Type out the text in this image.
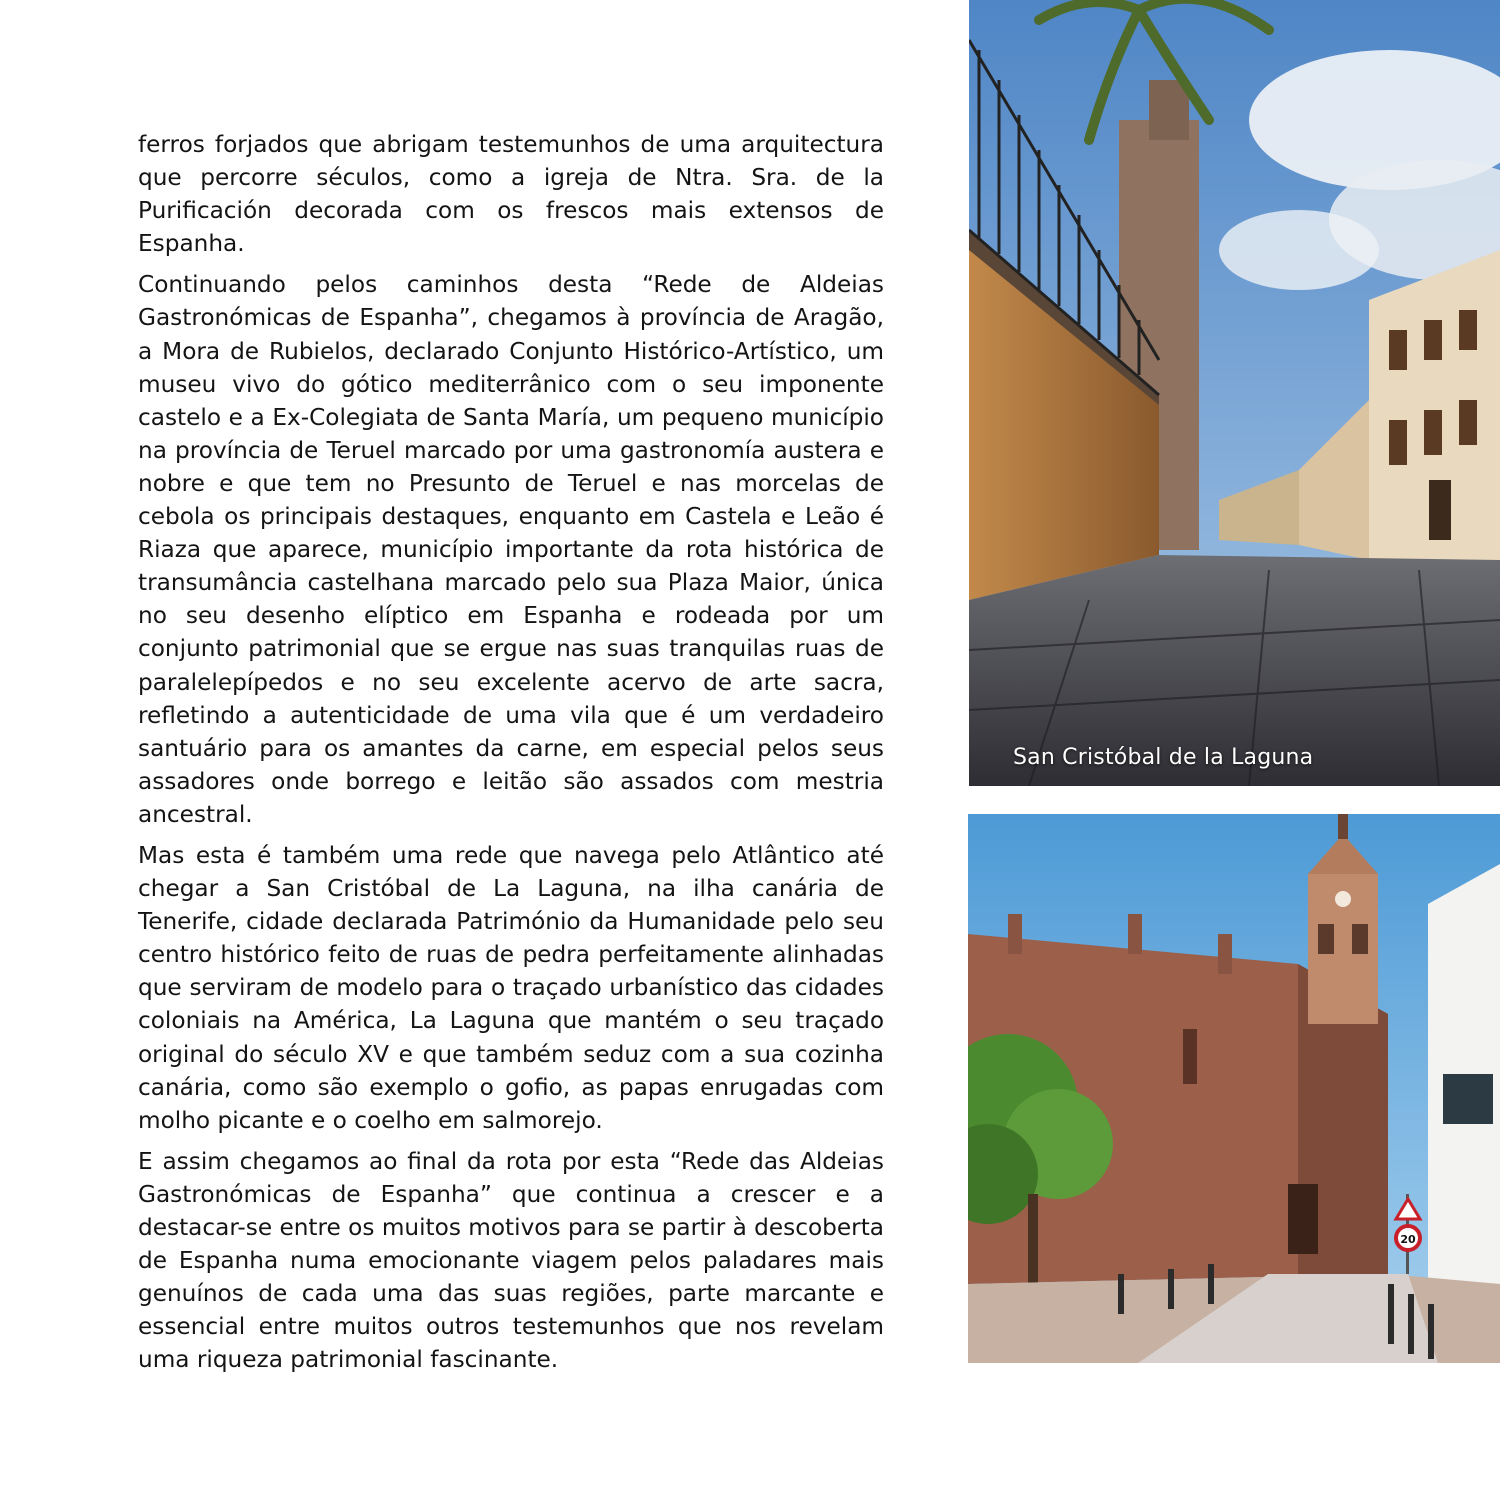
ferros forjados que abrigam testemunhos de uma arquitectura que percorre séculos, como a igreja de Ntra. Sra. de la Purificación decorada com os frescos mais extensos de Espanha.

Continuando pelos caminhos desta “Rede de Aldeias Gastronómicas de Espanha”, chegamos à província de Aragão, a Mora de Rubielos, declarado Conjunto Histórico-Artístico, um museu vivo do gótico mediterrânico com o seu imponente castelo e a Ex-Colegiata de Santa María, um pequeno município na província de Teruel marcado por uma gastronomía austera e nobre e que tem no Presunto de Teruel e nas morcelas de cebola os principais destaques, enquanto em Castela e Leão é Riaza que aparece, município importante da rota histórica de transumância castelhana marcado pelo sua Plaza Maior, única no seu desenho elíptico em Espanha e rodeada por um conjunto patrimonial que se ergue nas suas tranquilas ruas de paralelepípedos e no seu excelente acervo de arte sacra, refletindo a autenticidade de uma vila que é um verdadeiro santuário para os amantes da carne, em especial pelos seus assadores onde borrego e leitão são assados com mestria ancestral.

Mas esta é também uma rede que navega pelo Atlântico até chegar a San Cristóbal de La Laguna, na ilha canária de Tenerife, cidade declarada Património da Humanidade pelo seu centro histórico feito de ruas de pedra perfeitamente alinhadas que serviram de modelo para o traçado urbanístico das cidades coloniais na América, La Laguna que mantém o seu traçado original do século XV e que também seduz com a sua cozinha canária, como são exemplo o gofio, as papas enrugadas com molho picante e o coelho em salmorejo.

E assim chegamos ao final da rota por esta “Rede das Aldeias Gastronómicas de Espanha” que continua a crescer e a destacar-se entre os muitos motivos para se partir à descoberta de Espanha numa emocionante viagem pelos paladares mais genuínos de cada uma das suas regiões, parte marcante e essencial entre muitos outros testemunhos que nos revelam uma riqueza patrimonial fascinante.

San Cristóbal de la Laguna
20
